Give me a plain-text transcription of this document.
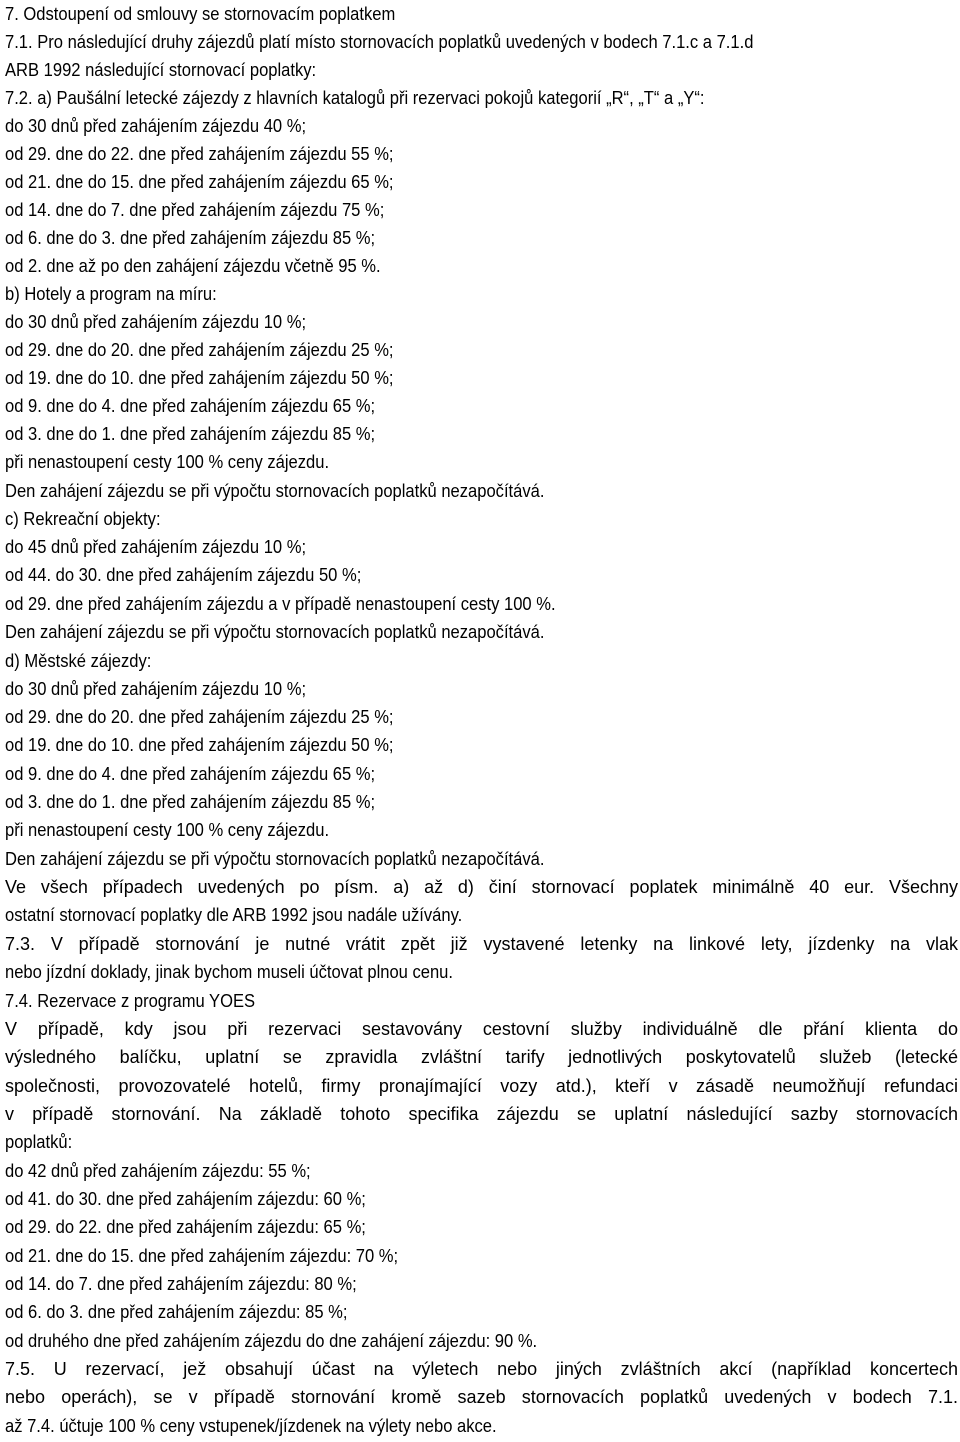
7. Odstoupení od smlouvy se stornovacím poplatkem
7.1. Pro následující druhy zájezdů platí místo stornovacích poplatků uvedených v bodech 7.1.c a 7.1.d
ARB 1992 následující stornovací poplatky:
7.2. a) Paušální letecké zájezdy z hlavních katalogů při rezervaci pokojů kategorií „R“, „T“ a „Y“:
do 30 dnů před zahájením zájezdu 40 %;
od 29. dne do 22. dne před zahájením zájezdu 55 %;
od 21. dne do 15. dne před zahájením zájezdu 65 %;
od 14. dne do 7. dne před zahájením zájezdu 75 %;
od 6. dne do 3. dne před zahájením zájezdu 85 %;
od 2. dne až po den zahájení zájezdu včetně 95 %.
b) Hotely a program na míru:
do 30 dnů před zahájením zájezdu 10 %;
od 29. dne do 20. dne před zahájením zájezdu 25 %;
od 19. dne do 10. dne před zahájením zájezdu 50 %;
od 9. dne do 4. dne před zahájením zájezdu 65 %;
od 3. dne do 1. dne před zahájením zájezdu 85 %;
při nenastoupení cesty 100 % ceny zájezdu.
Den zahájení zájezdu se při výpočtu stornovacích poplatků nezapočítává.
c) Rekreační objekty:
do 45 dnů před zahájením zájezdu 10 %;
od 44. do 30. dne před zahájením zájezdu 50 %;
od 29. dne před zahájením zájezdu a v případě nenastoupení cesty 100 %.
Den zahájení zájezdu se při výpočtu stornovacích poplatků nezapočítává.
d) Městské zájezdy:
do 30 dnů před zahájením zájezdu 10 %;
od 29. dne do 20. dne před zahájením zájezdu 25 %;
od 19. dne do 10. dne před zahájením zájezdu 50 %;
od 9. dne do 4. dne před zahájením zájezdu 65 %;
od 3. dne do 1. dne před zahájením zájezdu 85 %;
při nenastoupení cesty 100 % ceny zájezdu.
Den zahájení zájezdu se při výpočtu stornovacích poplatků nezapočítává.
Ve všech případech uvedených po písm. a) až d) činí stornovací poplatek minimálně 40 eur. Všechny
ostatní stornovací poplatky dle ARB 1992 jsou nadále užívány.
7.3. V případě stornování je nutné vrátit zpět již vystavené letenky na linkové lety, jízdenky na vlak
nebo jízdní doklady, jinak bychom museli účtovat plnou cenu.
7.4. Rezervace z programu YOES
V případě, kdy jsou při rezervaci sestavovány cestovní služby individuálně dle přání klienta do
výsledného balíčku, uplatní se zpravidla zvláštní tarify jednotlivých poskytovatelů služeb (letecké
společnosti, provozovatelé hotelů, firmy pronajímající vozy atd.), kteří v zásadě neumožňují refundaci
v případě stornování. Na základě tohoto specifika zájezdu se uplatní následující sazby stornovacích
poplatků:
do 42 dnů před zahájením zájezdu: 55 %;
od 41. do 30. dne před zahájením zájezdu: 60 %;
od 29. do 22. dne před zahájením zájezdu: 65 %;
od 21. dne do 15. dne před zahájením zájezdu: 70 %;
od 14. do 7. dne před zahájením zájezdu: 80 %;
od 6. do 3. dne před zahájením zájezdu: 85 %;
od druhého dne před zahájením zájezdu do dne zahájení zájezdu: 90 %.
7.5. U rezervací, jež obsahují účast na výletech nebo jiných zvláštních akcí (například koncertech
nebo operách), se v případě stornování kromě sazeb stornovacích poplatků uvedených v bodech 7.1.
až 7.4. účtuje 100 % ceny vstupenek/jízdenek na výlety nebo akce.
